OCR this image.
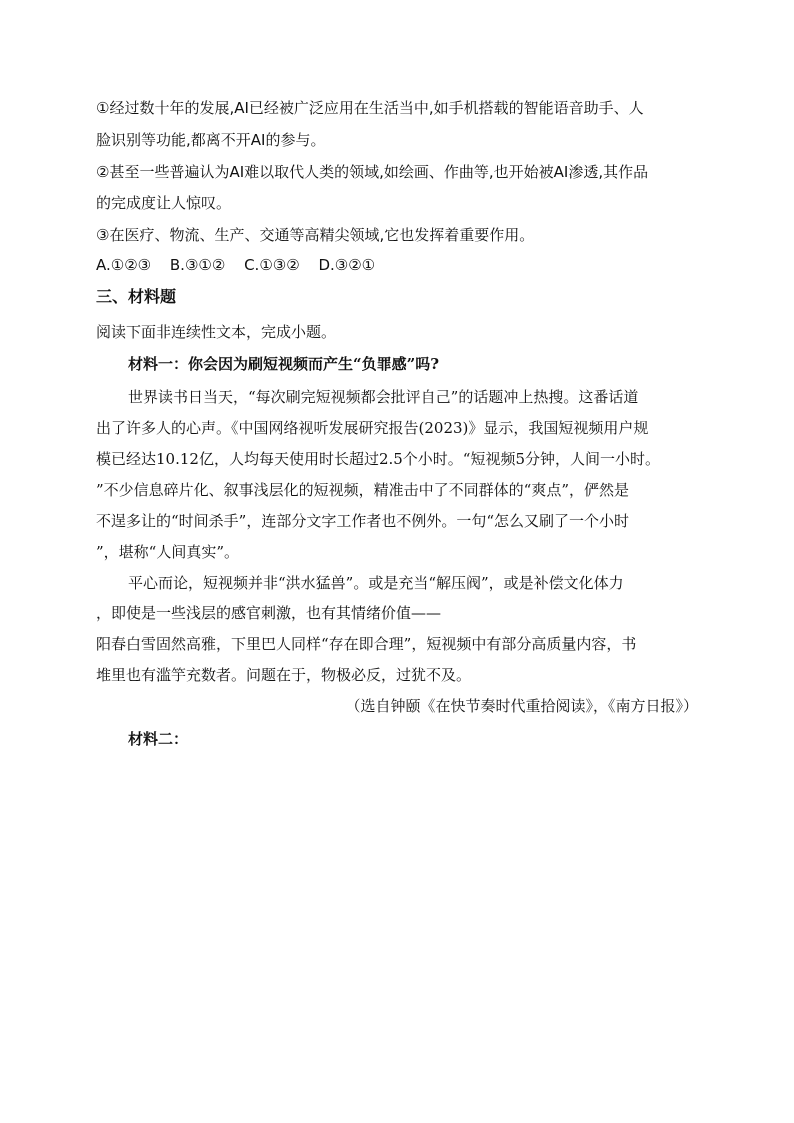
①经过数十年的发展,AI已经被广泛应用在生活当中,如手机搭载的智能语音助手、人
脸识别等功能,都离不开AI的参与。
②甚至一些普遍认为AI难以取代人类的领域,如绘画、作曲等,也开始被AI渗透,其作品
的完成度让人惊叹。
③在医疗、物流、生产、交通等高精尖领域,它也发挥着重要作用。
A.①②③ B.③①② C.①③② D.③②①
三、材料题
阅读下面非连续性文本，完成小题。
材料一：你会因为刷短视频而产生“负罪感”吗?
世界读书日当天，“每次刷完短视频都会批评自己”的话题冲上热搜。这番话道
出了许多人的心声。《中国网络视听发展研究报告(2023)》显示，我国短视频用户规
模已经达10.12亿，人均每天使用时长超过2.5个小时。“短视频5分钟，人间一小时。
”不少信息碎片化、叙事浅层化的短视频，精准击中了不同群体的“爽点”，俨然是
不逞多让的“时间杀手”，连部分文字工作者也不例外。一句“怎么又刷了一个小时
”，堪称“人间真实”。
平心而论，短视频并非“洪水猛兽”。或是充当“解压阀”，或是补偿文化体力
，即使是一些浅层的感官刺激，也有其情绪价值——
阳春白雪固然高雅，下里巴人同样“存在即合理”，短视频中有部分高质量内容，书
堆里也有滥竽充数者。问题在于，物极必反，过犹不及。
（选自钟颐《在快节奏时代重拾阅读》，《南方日报》）
材料二：
